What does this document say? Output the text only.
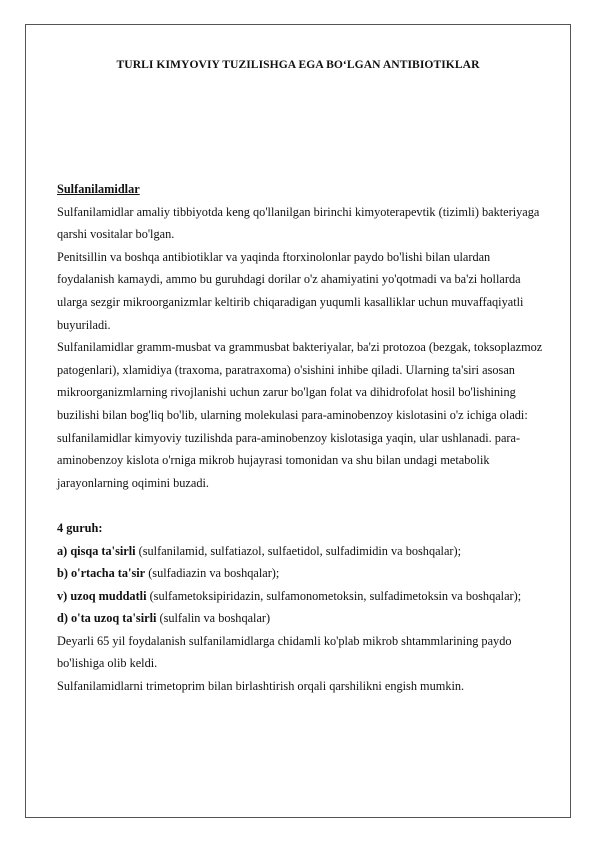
TURLI KIMYOVIY TUZILISHGA EGA BO‘LGAN ANTIBIOTIKLAR

Sulfanilamidlar

Sulfanilamidlar amaliy tibbiyotda keng qo'llanilgan birinchi kimyoterapevtik (tizimli) bakteriyaga qarshi vositalar bo'lgan.

Penitsillin va boshqa antibiotiklar va yaqinda ftorxinolonlar paydo bo'lishi bilan ulardan foydalanish kamaydi, ammo bu guruhdagi dorilar o'z ahamiyatini yo'qotmadi va ba'zi hollarda ularga sezgir mikroorganizmlar keltirib chiqaradigan yuqumli kasalliklar uchun muvaffaqiyatli buyuriladi.

Sulfanilamidlar gramm-musbat va grammusbat bakteriyalar, ba'zi protozoa (bezgak, toksoplazmoz patogenlari), xlamidiya (traxoma, paratraxoma) o'sishini inhibe qiladi. Ularning ta'siri asosan mikroorganizmlarning rivojlanishi uchun zarur bo'lgan folat va dihidrofolat hosil bo'lishining buzilishi bilan bog'liq bo'lib, ularning molekulasi para-aminobenzoy kislotasini o'z ichiga oladi: sulfanilamidlar kimyoviy tuzilishda para-aminobenzoy kislotasiga yaqin, ular ushlanadi. para-aminobenzoy kislota o'rniga mikrob hujayrasi tomonidan va shu bilan undagi metabolik jarayonlarning oqimini buzadi.

4 guruh:

a) qisqa ta'sirli (sulfanilamid, sulfatiazol, sulfaetidol, sulfadimidin va boshqalar);

b) o'rtacha ta'sir (sulfadiazin va boshqalar);

v) uzoq muddatli (sulfametoksipiridazin, sulfamonometoksin, sulfadimetoksin va boshqalar);

d) o'ta uzoq ta'sirli (sulfalin va boshqalar)

Deyarli 65 yil foydalanish sulfanilamidlarga chidamli ko'plab mikrob shtammlarining paydo bo'lishiga olib keldi.

Sulfanilamidlarni trimetoprim bilan birlashtirish orqali qarshilikni engish mumkin.
